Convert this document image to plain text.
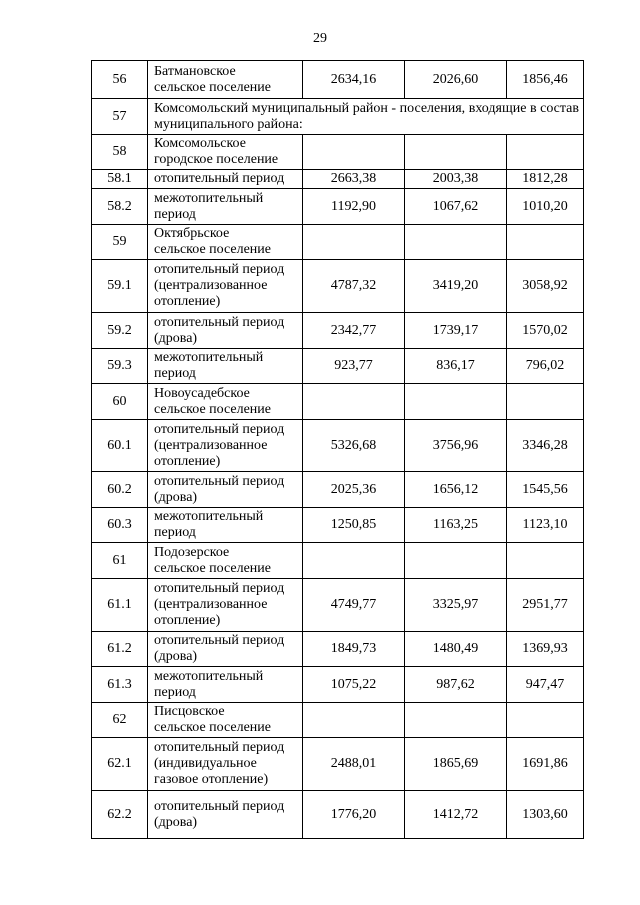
29
56	Батмановское
сельское поселение	2634,16	2026,60	1856,46
57	Комсомольский муниципальный район - поселения, входящие в состав муниципального района:			
58	Комсомольское
городское поселение			

58.1	отопительный период	2663,38	2003,38	1812,28
58.2	межотопительный
период	1192,90	1067,62	1010,20
59	Октябрьское
сельское поселение			

59.1	отопительный период
(централизованное
отопление)	4787,32	3419,20	3058,92
59.2	отопительный период
(дрова)	2342,77	1739,17	1570,02
59.3	межотопительный
период	923,77	836,17	796,02
60	Новоусадебское
сельское поселение			

60.1	отопительный период
(централизованное
отопление)	5326,68	3756,96	3346,28
60.2	отопительный период
(дрова)	2025,36	1656,12	1545,56
60.3	межотопительный
период	1250,85	1163,25	1123,10
61	Подозерское
сельское поселение			

61.1	отопительный период
(централизованное
отопление)	4749,77	3325,97	2951,77
61.2	отопительный период
(дрова)	1849,73	1480,49	1369,93
61.3	межотопительный
период	1075,22	987,62	947,47
62	Писцовское
сельское поселение			

62.1	отопительный период
(индивидуальное
газовое отопление)	2488,01	1865,69	1691,86
62.2	отопительный период
(дрова)	1776,20	1412,72	1303,60
